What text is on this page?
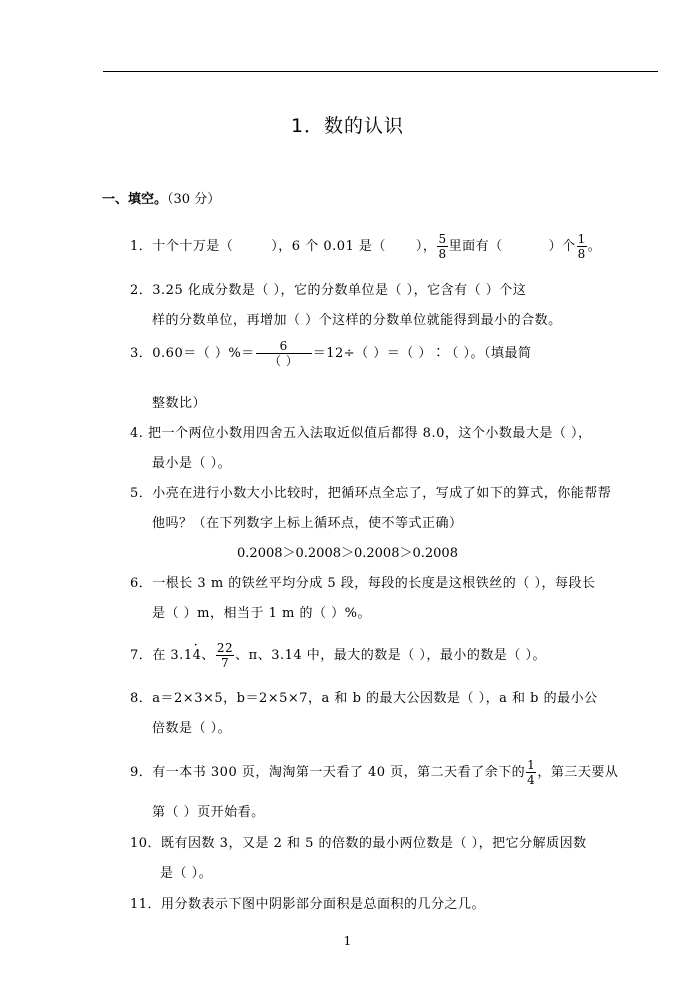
1．数的认识
一、填空。（30 分）
1．十个十万是（	），6 个 0.01 是（ ）， $\frac{5}{8}$ 里面有（	）个 $\frac{1}{8}$ 。
2．3.25 化成分数是（ ），它的分数单位是（ ），它含有（ ）个这
样的分数单位，再增加（ ）个这样的分数单位就能得到最小的合数。
3．0.60＝（ ）%＝ $\frac{6}{( )} =12\div$（ ）＝（ ）∶（ ）。（填最简
整数比）
4. 把一个两位小数用四舍五入法取近似值后都得 8.0，这个小数最大是（ ），
最小是（ ）。
5．小亮在进行小数大小比较时，把循环点全忘了，写成了如下的算式，你能帮帮
他吗？（在下列数字上标上循环点，使不等式正确）
0.2008＞0.2008＞0.2008＞0.2008
6．一根长 3 m 的铁丝平均分成 5 段，每段的长度是这根铁丝的（ ），每段长
是（ ）m，相当于 1 m 的（ ）%。
7．在 3.1· 4、 $\frac{22}{7}$ 、π、3.14 中，最大的数是（ ），最小的数是（ ）。
8．a＝2×3×5，b＝2×5×7，a 和 b 的最大公因数是（ ），a 和 b 的最小公
倍数是（ ）。
9．有一本书 300 页，淘淘第一天看了 40 页，第二天看了余下的 $\frac{1}{4}$ ，第三天要从
第（ ）页开始看。
10．既有因数 3，又是 2 和 5 的倍数的最小两位数是（ ），把它分解质因数
是（ ）。
11．用分数表示下图中阴影部分面积是总面积的几分之几。
1
